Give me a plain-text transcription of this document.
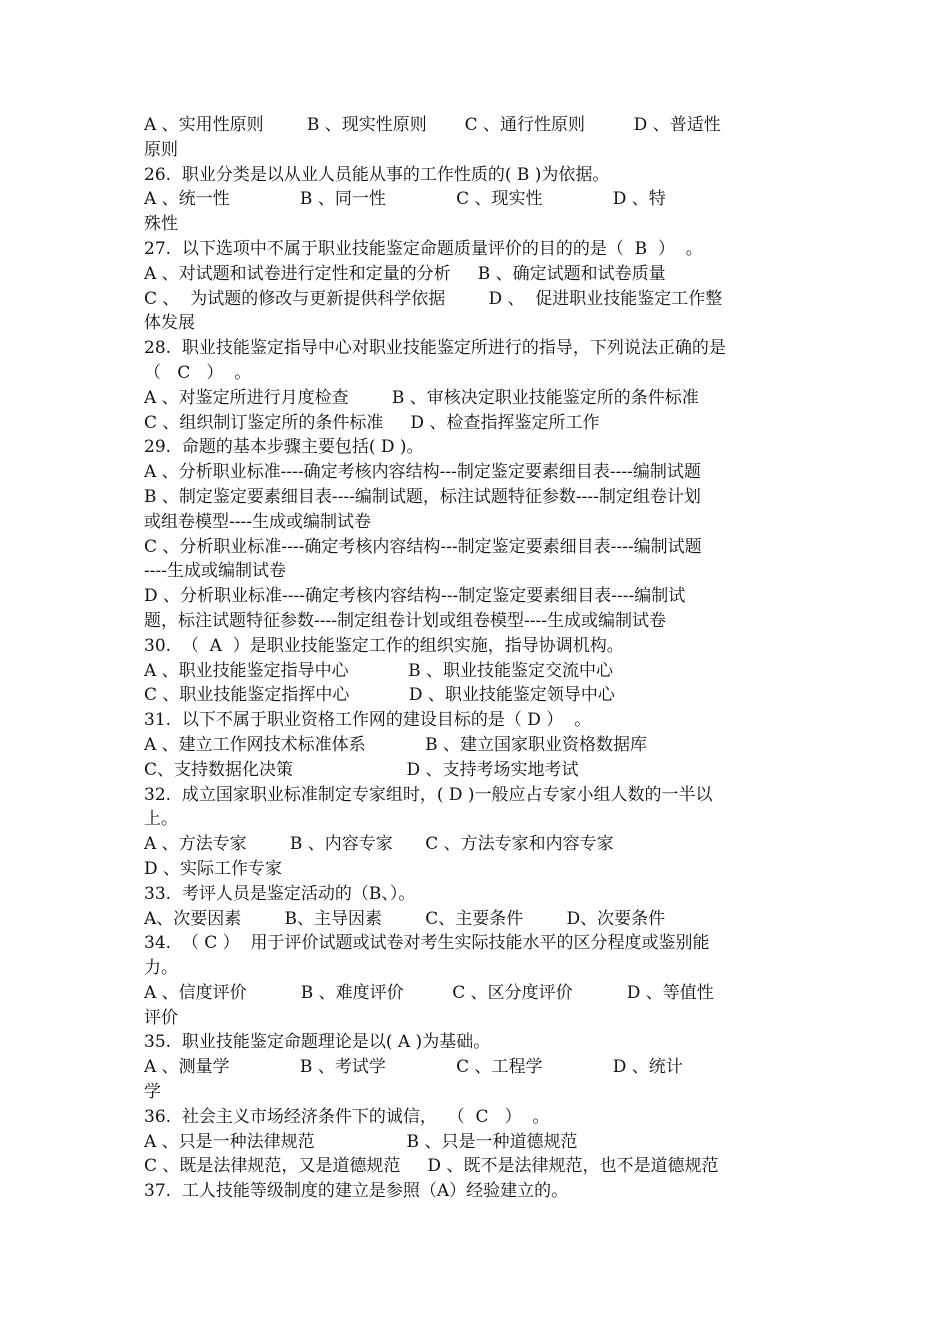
A 、实用性原则        B 、现实性原则       C 、通行性原则         D 、普适性
原则
26.  职业分类是以从业人员能从事的工作性质的( B )为依据。
A 、统一性             B 、同一性             C 、现实性             D 、特
殊性
27.  以下选项中不属于职业技能鉴定命题质量评价的目的的是（  B  ）  。
A 、对试题和试卷进行定性和定量的分析     B 、确定试题和试卷质量
C 、  为试题的修改与更新提供科学依据        D 、  促进职业技能鉴定工作整
体发展
28.  职业技能鉴定指导中心对职业技能鉴定所进行的指导，下列说法正确的是
（   C   ）  。
A 、对鉴定所进行月度检查        B 、审核决定职业技能鉴定所的条件标准
C 、组织制订鉴定所的条件标准     D 、检查指挥鉴定所工作
29.  命题的基本步骤主要包括( D )。
A 、分析职业标准----确定考核内容结构---制定鉴定要素细目表----编制试题
B 、制定鉴定要素细目表----编制试题，标注试题特征参数----制定组卷计划
或组卷模型----生成或编制试卷
C 、分析职业标准----确定考核内容结构---制定鉴定要素细目表----编制试题
----生成或编制试卷
D 、分析职业标准----确定考核内容结构---制定鉴定要素细目表----编制试
题，标注试题特征参数----制定组卷计划或组卷模型----生成或编制试卷
30.  （  A  ）是职业技能鉴定工作的组织实施，指导协调机构。
A 、职业技能鉴定指导中心           B 、职业技能鉴定交流中心
C 、职业技能鉴定指挥中心           D 、职业技能鉴定领导中心
31.  以下不属于职业资格工作网的建设目标的是（ D ）  。
A 、建立工作网技术标准体系           B 、建立国家职业资格数据库
C、支持数据化决策                     D 、支持考场实地考试
32.  成立国家职业标准制定专家组时，( D )一般应占专家小组人数的一半以
上。
A 、方法专家        B 、内容专家      C 、方法专家和内容专家
D 、实际工作专家
33.  考评人员是鉴定活动的（B、）。
A、次要因素        B、主导因素        C、主要条件        D、次要条件
34.  （ C ）  用于评价试题或试卷对考生实际技能水平的区分程度或鉴别能
力。
A 、信度评价          B 、难度评价         C 、区分度评价          D 、等值性
评价
35.  职业技能鉴定命题理论是以( A )为基础。
A 、测量学             B 、考试学             C 、工程学             D 、统计
学
36.  社会主义市场经济条件下的诚信，  （  C   ）  。
A 、只是一种法律规范                 B 、只是一种道德规范
C 、既是法律规范，又是道德规范     D 、既不是法律规范，也不是道德规范
37.  工人技能等级制度的建立是参照（A）经验建立的。
